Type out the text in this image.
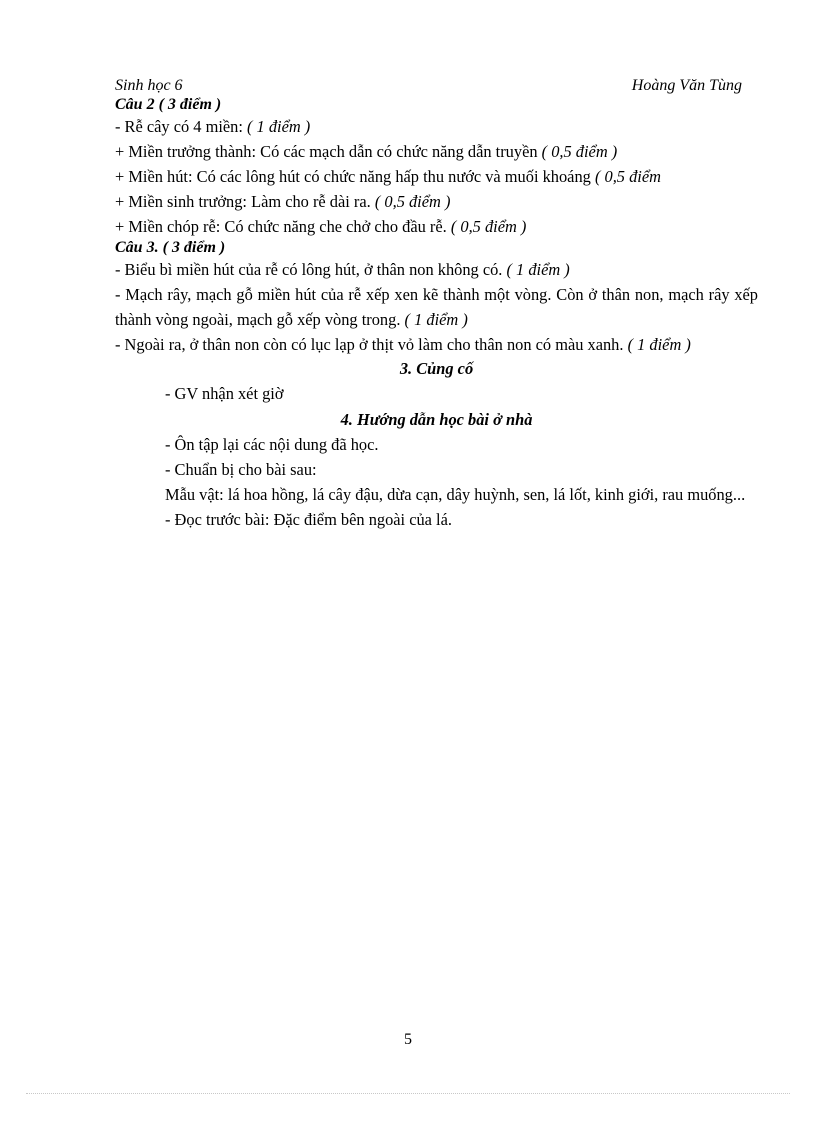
Sinh học 6	Hoàng Văn Tùng
Câu 2 ( 3 điểm )
- Rễ cây có 4 miền: ( 1 điểm )
+ Miền trưởng thành: Có các mạch dẫn có chức năng dẫn truyền ( 0,5 điểm )
+ Miền hút: Có các lông hút có chức năng hấp thu nước và muối khoáng ( 0,5 điểm
+ Miền sinh trưởng: Làm cho rễ dài ra. ( 0,5 điểm )
+ Miền chóp rễ: Có chức năng che chở cho đầu rễ. ( 0,5 điểm )
Câu 3. ( 3 điểm )
- Biểu bì miền hút của rễ có lông hút, ở thân non không có. ( 1 điểm )
- Mạch rây, mạch gỗ miền hút của rễ xếp xen kẽ thành một vòng. Còn ở thân non, mạch rây xếp thành vòng ngoài, mạch gỗ xếp vòng trong. ( 1 điểm )
- Ngoài ra, ở thân non còn có lục lạp ở thịt vỏ làm cho thân non có màu xanh. ( 1 điểm )
3. Củng cố
- GV nhận xét giờ
4. Hướng dẫn học bài ở nhà
- Ôn tập lại các nội dung đã học.
- Chuẩn bị cho bài sau:
Mẫu vật: lá hoa hồng, lá cây đậu, dừa cạn, dây huỳnh, sen, lá lốt, kinh giới, rau muống...
- Đọc trước bài: Đặc điểm bên ngoài của lá.
5
